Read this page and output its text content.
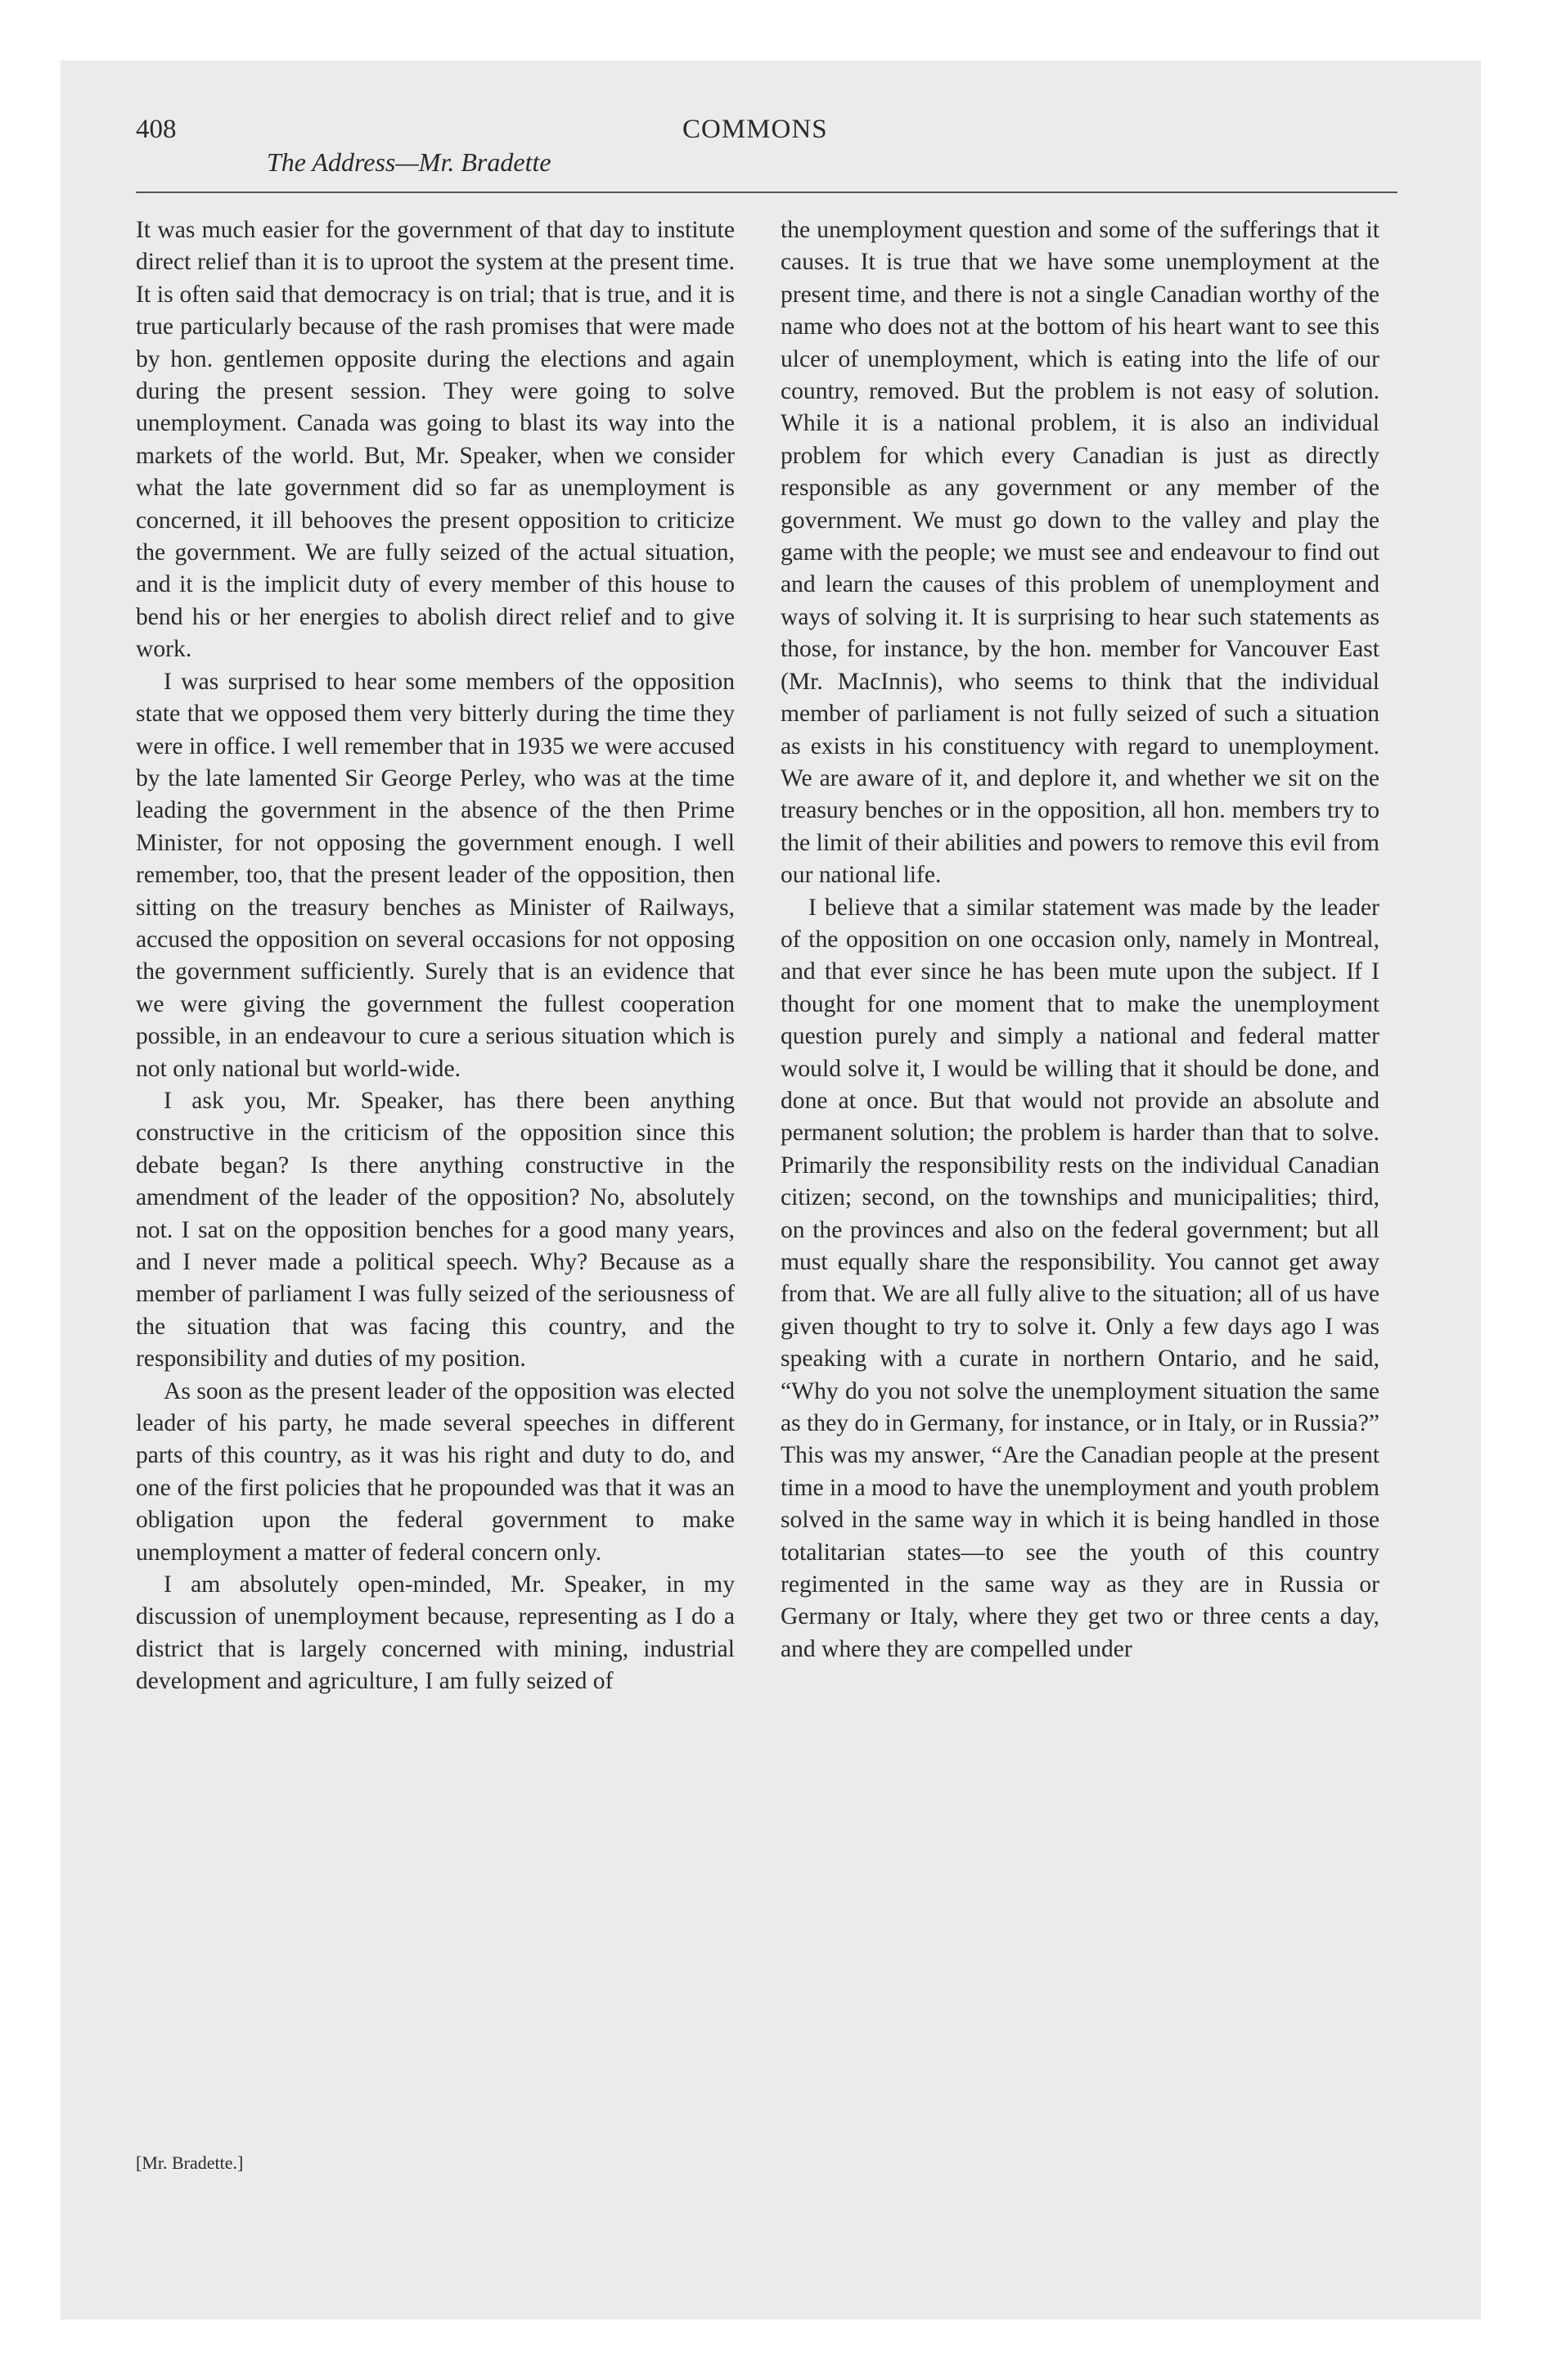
408	COMMONS
The Address—Mr. Bradette

It was much easier for the government of that day to institute direct relief than it is to uproot the system at the present time. It is often said that democracy is on trial; that is true, and it is true particularly because of the rash promises that were made by hon. gentlemen opposite during the elections and again during the present session. They were going to solve unemployment. Canada was going to blast its way into the markets of the world. But, Mr. Speaker, when we consider what the late government did so far as unemployment is concerned, it ill behooves the present opposition to criticize the government. We are fully seized of the actual situation, and it is the implicit duty of every member of this house to bend his or her energies to abolish direct relief and to give work.

I was surprised to hear some members of the opposition state that we opposed them very bitterly during the time they were in office. I well remember that in 1935 we were accused by the late lamented Sir George Perley, who was at the time leading the government in the absence of the then Prime Minister, for not opposing the government enough. I well remember, too, that the present leader of the opposition, then sitting on the treasury benches as Minister of Railways, accused the opposition on several occasions for not opposing the government sufficiently. Surely that is an evidence that we were giving the government the fullest cooperation possible, in an endeavour to cure a serious situation which is not only national but world-wide.

I ask you, Mr. Speaker, has there been anything constructive in the criticism of the opposition since this debate began? Is there anything constructive in the amendment of the leader of the opposition? No, absolutely not. I sat on the opposition benches for a good many years, and I never made a political speech. Why? Because as a member of parliament I was fully seized of the seriousness of the situation that was facing this country, and the responsibility and duties of my position.

As soon as the present leader of the opposition was elected leader of his party, he made several speeches in different parts of this country, as it was his right and duty to do, and one of the first policies that he propounded was that it was an obligation upon the federal government to make unemployment a matter of federal concern only.

I am absolutely open-minded, Mr. Speaker, in my discussion of unemployment because, representing as I do a district that is largely concerned with mining, industrial development and agriculture, I am fully seized of

the unemployment question and some of the sufferings that it causes. It is true that we have some unemployment at the present time, and there is not a single Canadian worthy of the name who does not at the bottom of his heart want to see this ulcer of unemployment, which is eating into the life of our country, removed. But the problem is not easy of solution. While it is a national problem, it is also an individual problem for which every Canadian is just as directly responsible as any government or any member of the government. We must go down to the valley and play the game with the people; we must see and endeavour to find out and learn the causes of this problem of unemployment and ways of solving it. It is surprising to hear such statements as those, for instance, by the hon. member for Vancouver East (Mr. MacInnis), who seems to think that the individual member of parliament is not fully seized of such a situation as exists in his constituency with regard to unemployment. We are aware of it, and deplore it, and whether we sit on the treasury benches or in the opposition, all hon. members try to the limit of their abilities and powers to remove this evil from our national life.

I believe that a similar statement was made by the leader of the opposition on one occasion only, namely in Montreal, and that ever since he has been mute upon the subject. If I thought for one moment that to make the unemployment question purely and simply a national and federal matter would solve it, I would be willing that it should be done, and done at once. But that would not provide an absolute and permanent solution; the problem is harder than that to solve. Primarily the responsibility rests on the individual Canadian citizen; second, on the townships and municipalities; third, on the provinces and also on the federal government; but all must equally share the responsibility. You cannot get away from that. We are all fully alive to the situation; all of us have given thought to try to solve it. Only a few days ago I was speaking with a curate in northern Ontario, and he said, “Why do you not solve the unemployment situation the same as they do in Germany, for instance, or in Italy, or in Russia?” This was my answer, “Are the Canadian people at the present time in a mood to have the unemployment and youth problem solved in the same way in which it is being handled in those totalitarian states—to see the youth of this country regimented in the same way as they are in Russia or Germany or Italy, where they get two or three cents a day, and where they are compelled under

[Mr. Bradette.]
